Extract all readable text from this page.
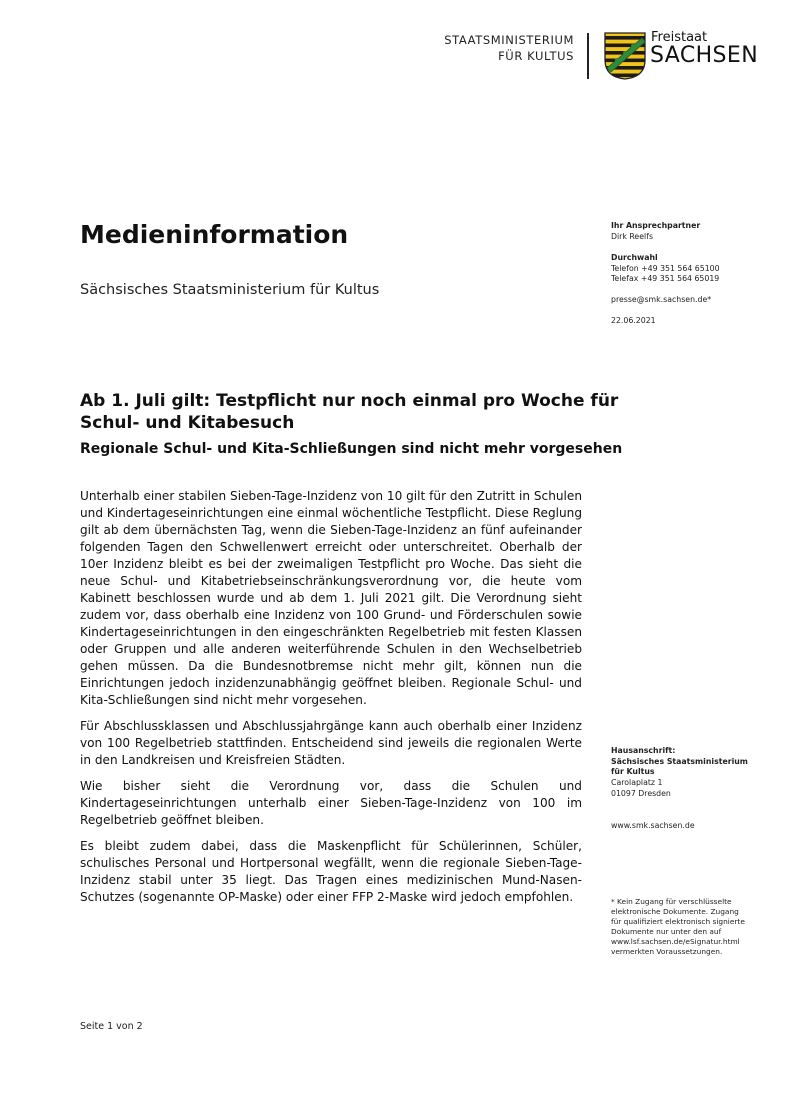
STAATSMINISTERIUM
FÜR KULTUS
Freistaat
SACHSEN
Medieninformation
Sächsisches Staatsministerium für Kultus
Ihr Ansprechpartner
Dirk Reelfs
Durchwahl
Telefon +49 351 564 65100
Telefax +49 351 564 65019
presse@smk.sachsen.de*
22.06.2021
Ab 1. Juli gilt: Testpflicht nur noch einmal pro Woche für
Schul- und Kitabesuch
Regionale Schul- und Kita-Schließungen sind nicht mehr vorgesehen

Unterhalb einer stabilen Sieben-Tage-Inzidenz von 10 gilt für den Zutritt in Schulen und Kindertageseinrichtungen eine einmal wöchentliche Testpflicht. Diese Reglung gilt ab dem übernächsten Tag, wenn die Sieben-Tage-Inzidenz an fünf aufeinander folgenden Tagen den Schwellenwert erreicht oder unterschreitet. Oberhalb der 10er Inzidenz bleibt es bei der zweimaligen Testpflicht pro Woche. Das sieht die neue Schul- und Kitabetriebseinschränkungsverordnung vor, die heute vom Kabinett beschlossen wurde und ab dem 1. Juli 2021 gilt. Die Verordnung sieht zudem vor, dass oberhalb eine Inzidenz von 100 Grund- und Förderschulen sowie Kindertageseinrichtungen in den eingeschränkten Regelbetrieb mit festen Klassen oder Gruppen und alle anderen weiterführende Schulen in den Wechselbetrieb gehen müssen. Da die Bundesnotbremse nicht mehr gilt, können nun die Einrichtungen jedoch inzidenzunabhängig geöffnet bleiben. Regionale Schul- und Kita-Schließungen sind nicht mehr vorgesehen.

Für Abschlussklassen und Abschlussjahrgänge kann auch oberhalb einer Inzidenz von 100 Regelbetrieb stattfinden. Entscheidend sind jeweils die regionalen Werte in den Landkreisen und Kreisfreien Städten.

Wie bisher sieht die Verordnung vor, dass die Schulen und Kindertageseinrichtungen unterhalb einer Sieben-Tage-Inzidenz von 100 im Regelbetrieb geöffnet bleiben.

Es bleibt zudem dabei, dass die Maskenpflicht für Schülerinnen, Schüler, schulisches Personal und Hortpersonal wegfällt, wenn die regionale Sieben-Tage-Inzidenz stabil unter 35 liegt. Das Tragen eines medizinischen Mund-Nasen-Schutzes (sogenannte OP-Maske) oder einer FFP 2-Maske wird jedoch empfohlen.

Hausanschrift:
Sächsisches Staatsministerium
für Kultus
Carolaplatz 1
01097 Dresden
www.smk.sachsen.de
* Kein Zugang für verschlüsselte
elektronische Dokumente. Zugang
für qualifiziert elektronisch signierte
Dokumente nur unter den auf
www.lsf.sachsen.de/eSignatur.html
vermerkten Voraussetzungen.
Seite 1 von 2
